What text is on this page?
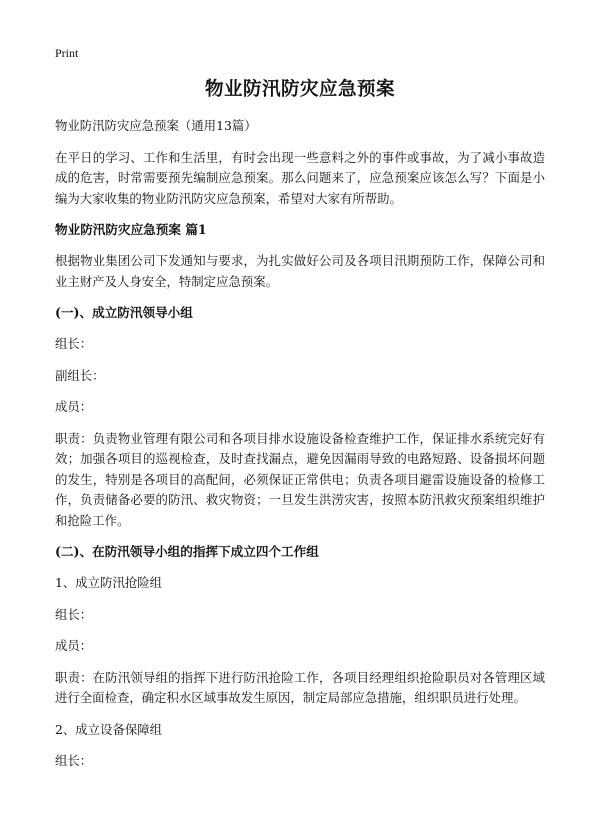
Print
物业防汛防灾应急预案

物业防汛防灾应急预案（通用13篇）

在平日的学习、工作和生活里，有时会出现一些意料之外的事件或事故，为了减小事故造成的危害，时常需要预先编制应急预案。那么问题来了，应急预案应该怎么写？下面是小编为大家收集的物业防汛防灾应急预案，希望对大家有所帮助。

物业防汛防灾应急预案 篇1

根据物业集团公司下发通知与要求，为扎实做好公司及各项目汛期预防工作，保障公司和业主财产及人身安全，特制定应急预案。

(一)、成立防汛领导小组

组长：

副组长：

成员：

职责：负责物业管理有限公司和各项目排水设施设备检查维护工作，保证排水系统完好有效；加强各项目的巡视检查，及时查找漏点，避免因漏雨导致的电路短路、设备损坏问题的发生，特别是各项目的高配间，必须保证正常供电；负责各项目避雷设施设备的检修工作，负责储备必要的防汛、救灾物资；一旦发生洪涝灾害，按照本防汛救灾预案组织维护和抢险工作。

(二)、在防汛领导小组的指挥下成立四个工作组

1、成立防汛抢险组

组长：

成员：

职责：在防汛领导组的指挥下进行防汛抢险工作，各项目经理组织抢险职员对各管理区域进行全面检查，确定积水区域事故发生原因，制定局部应急措施，组织职员进行处理。

2、成立设备保障组

组长：
